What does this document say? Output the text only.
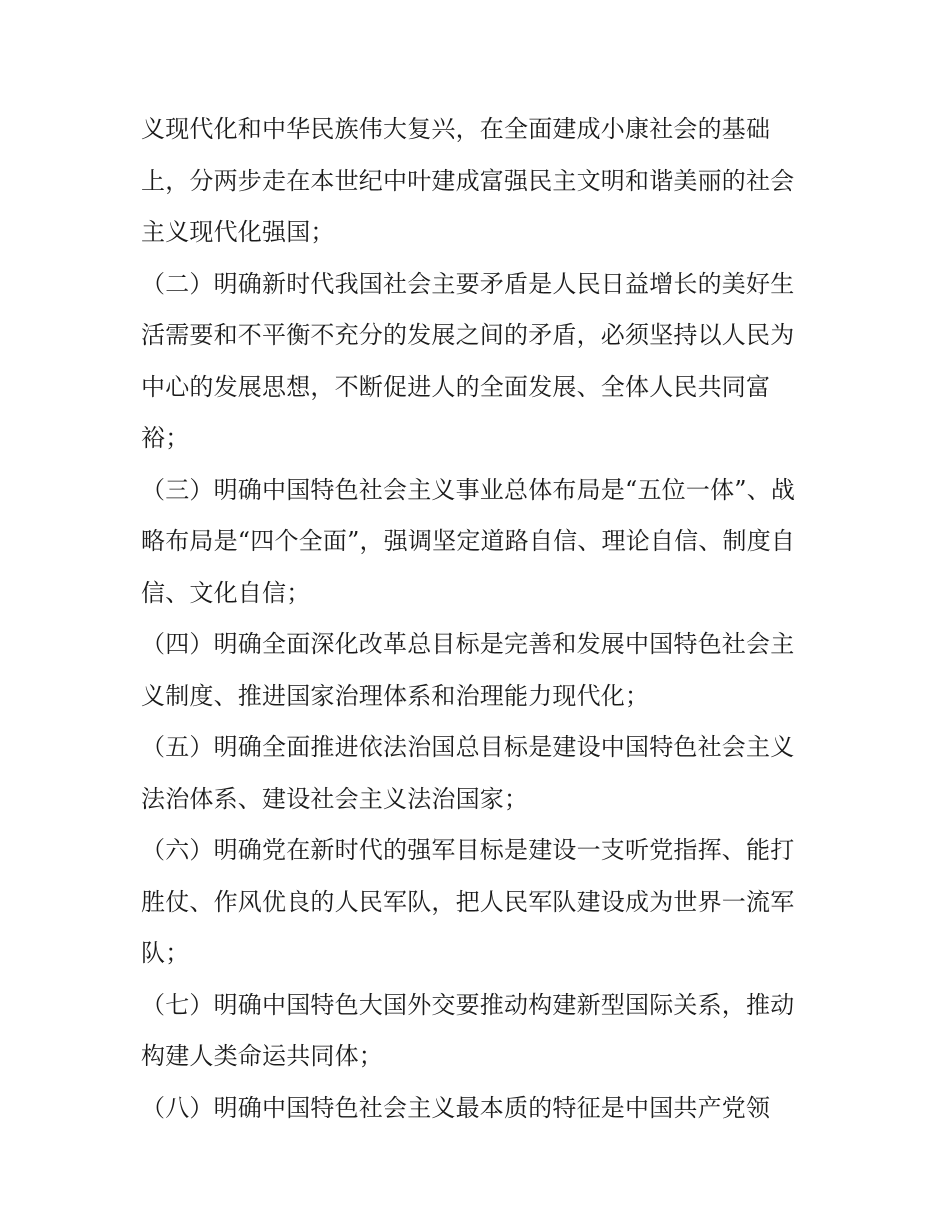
义现代化和中华民族伟大复兴，在全面建成小康社会的基础
上，分两步走在本世纪中叶建成富强民主文明和谐美丽的社会
主义现代化强国；
（二）明确新时代我国社会主要矛盾是人民日益增长的美好生
活需要和不平衡不充分的发展之间的矛盾，必须坚持以人民为
中心的发展思想，不断促进人的全面发展、全体人民共同富
裕；
（三）明确中国特色社会主义事业总体布局是“五位一体”、战
略布局是“四个全面”，强调坚定道路自信、理论自信、制度自
信、文化自信；
（四）明确全面深化改革总目标是完善和发展中国特色社会主
义制度、推进国家治理体系和治理能力现代化；
（五）明确全面推进依法治国总目标是建设中国特色社会主义
法治体系、建设社会主义法治国家；
（六）明确党在新时代的强军目标是建设一支听党指挥、能打
胜仗、作风优良的人民军队，把人民军队建设成为世界一流军
队；
（七）明确中国特色大国外交要推动构建新型国际关系，推动
构建人类命运共同体；
（八）明确中国特色社会主义最本质的特征是中国共产党领
